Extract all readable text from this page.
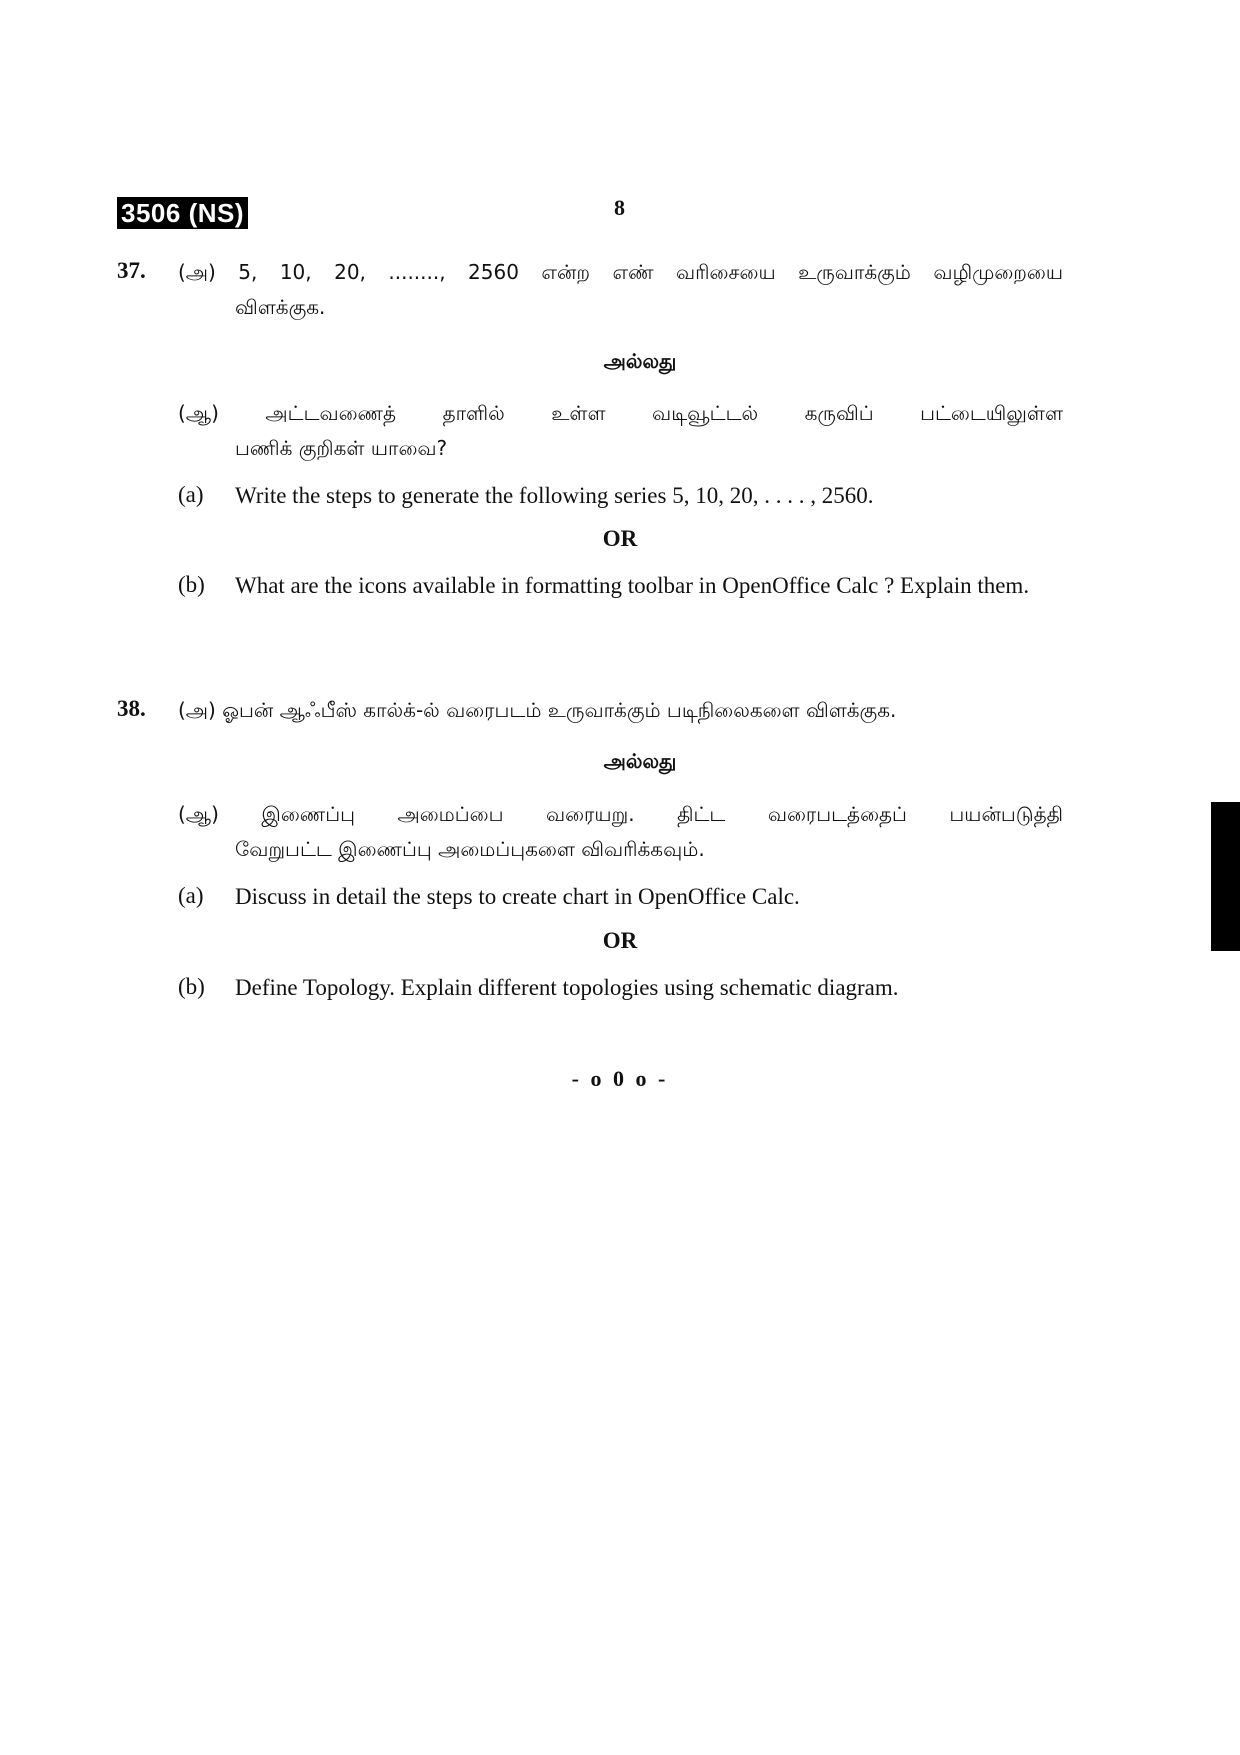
3506 (NS)	8
37. (அ) 5, 10, 20, ........, 2560 என்ற எண் வரிசையை உருவாக்கும் வழிமுறையை
விளக்குக.
அல்லது
(ஆ) அட்டவணைத் தாளில் உள்ள வடிவூட்டல் கருவிப் பட்டையிலுள்ள
பணிக் குறிகள் யாவை?
(a) Write the steps to generate the following series 5, 10, 20, . . . . , 2560.
OR
(b) What are the icons available in formatting toolbar in OpenOffice Calc ? Explain them.
38. (அ) ஓபன் ஆஃபீஸ் கால்க்-ல் வரைபடம் உருவாக்கும் படிநிலைகளை விளக்குக.
அல்லது
(ஆ) இணைப்பு அமைப்பை வரையறு. திட்ட வரைபடத்தைப் பயன்படுத்தி
வேறுபட்ட இணைப்பு அமைப்புகளை விவரிக்கவும்.
(a) Discuss in detail the steps to create chart in OpenOffice Calc.
OR
(b) Define Topology. Explain different topologies using schematic diagram.
- o 0 o -
